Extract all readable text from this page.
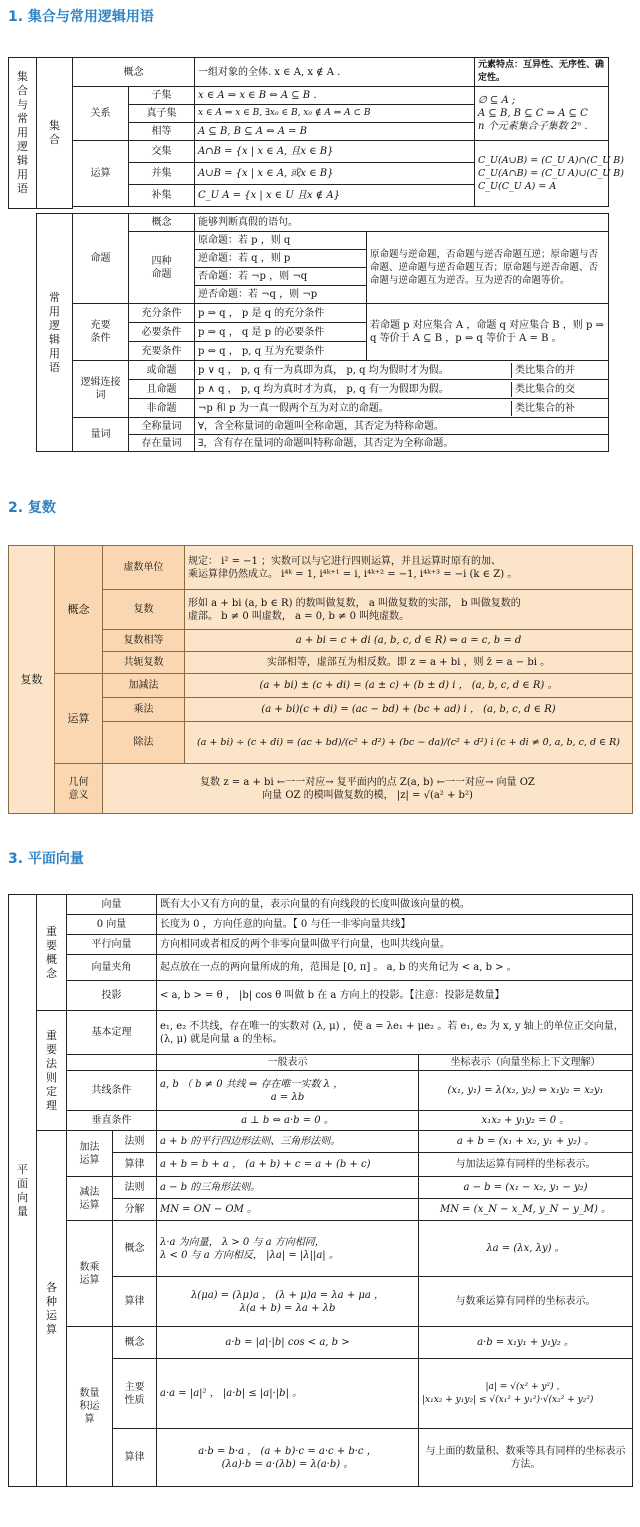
1. 集合与常用逻辑用语
集合与常用逻辑用语	集合	概念		一组对象的全体. x ∈ A, x ∉ A .	元素特点：互异性、无序性、确定性。
		关系	子集	x ∈ A ⇒ x ∈ B ⇔ A ⊆ B .	∅ ⊆ A ;
A ⊆ B, B ⊆ C ⇒ A ⊆ C
n 个元素集合子集数 2ⁿ .

			真子集	x ∈ A ⇒ x ∈ B, ∃x₀ ∈ B, x₀ ∉ A ⇔ A ⊂ B	
			相等	A ⊆ B, B ⊆ A ⇔ A = B	
		运算	交集	A∩B = {x | x ∈ A, 且x ∈ B}	C_U(A∪B) = (C_U A)∩(C_U B)
C_U(A∩B) = (C_U A)∪(C_U B)
C_U(C_U A) = A

			并集	A∪B = {x | x ∈ A, 或x ∈ B}	
			补集	C_U A = {x | x ∈ U 且x ∉ A}	

常用逻辑用语	命题	概念	能够判断真假的语句。	
		四种命题	原命题：若 p ，则 q	原命题与逆命题，否命题与逆否命题互逆；原命题与否命题、逆命题与逆否命题互否；原命题与逆否命题、否命题与逆命题互为逆否。互为逆否的命题等价。
			逆命题：若 q ，则 p	
			否命题：若 ¬p ，则 ¬q	
			逆否命题：若 ¬q ，则 ¬p	
	充要条件	充分条件	p ⇒ q ， p 是 q 的充分条件	若命题 p 对应集合 A ，命题 q 对应集合 B ，则 p ⇒ q 等价于 A ⊆ B ，p ⇔ q 等价于 A = B 。
		必要条件	p ⇒ q ， q 是 p 的必要条件	
		充要条件	p ⇔ q ， p, q 互为充要条件	
	逻辑连接词	或命题	p ∨ q ， p, q 有一为真即为真， p, q 均为假时才为假。 类比集合的并	

		且命题	p ∧ q ， p, q 均为真时才为真， p, q 有一为假即为假。 类比集合的交	

		非命题	¬p 和 p 为一真一假两个互为对立的命题。 类比集合的补	

	量词	全称量词	∀，含全称量词的命题叫全称命题，其否定为特称命题。	
		存在量词	∃，含有存在量词的命题叫特称命题，其否定为全称命题。	
2. 复数
复数	概念	虚数单位	规定： i² = −1 ；实数可以与它进行四则运算，并且运算时原有的加、
乘运算律仍然成立。 i⁴ᵏ = 1, i⁴ᵏ⁺¹ = i, i⁴ᵏ⁺² = −1, i⁴ᵏ⁺³ = −i (k ∈ Z) 。

		复数	形如 a + bi (a, b ∈ R) 的数叫做复数， a 叫做复数的实部， b 叫做复数的
虚部。 b ≠ 0 叫虚数， a = 0, b ≠ 0 叫纯虚数。

		复数相等	a + bi = c + di (a, b, c, d ∈ R) ⇔ a = c, b = d
		共轭复数	实部相等，虚部互为相反数。即 z = a + bi ，则 z̄ = a − bi 。
	运算	加减法	(a + bi) ± (c + di) = (a ± c) + (b ± d) i ， (a, b, c, d ∈ R) 。
		乘法	(a + bi)(c + di) = (ac − bd) + (bc + ad) i ， (a, b, c, d ∈ R)
		除法	(a + bi) ÷ (c + di) = (ac + bd)/(c² + d²) + (bc − da)/(c² + d²) i (c + di ≠ 0, a, b, c, d ∈ R)
	几何意义	复数 z = a + bi ←一一对应→ 复平面内的点 Z(a, b) ←一一对应→ 向量 OZ
向量 OZ 的模叫做复数的模， |z| = √(a² + b²)	
3. 平面向量
平面向量	重要概念	向量		既有大小又有方向的量，表示向量的有向线段的长度叫做该向量的模。	
		0 向量		长度为 0 ，方向任意的向量。【 0 与任一非零向量共线】	
		平行向量		方向相同或者相反的两个非零向量叫做平行向量，也叫共线向量。	
		向量夹角		起点放在一点的两向量所成的角，范围是 [0, π] 。 a, b 的夹角记为 < a, b > 。	
		投影		< a, b > = θ ， |b| cos θ 叫做 b 在 a 方向上的投影。【注意：投影是数量】	
	重要法则定理	基本定理		e₁, e₂ 不共线，存在唯一的实数对 (λ, μ) ，使 a = λe₁ + μe₂ 。若 e₁, e₂ 为 x, y 轴上的单位正交向量， (λ, μ) 就是向量 a 的坐标。	
				一般表示	坐标表示（向量坐标上下文理解）
		共线条件		a, b （ b ≠ 0 共线 ⇔ 存在唯一实数 λ ，
a = λb	(x₁, y₁) = λ(x₂, y₂) ⇔ x₁y₂ = x₂y₁
		垂直条件		a ⊥ b ⇔ a·b = 0 。	x₁x₂ + y₁y₂ = 0 。
	各种运算	加法运算	法则	a + b 的平行四边形法则、三角形法则。	a + b = (x₁ + x₂, y₁ + y₂) 。
			算律	a + b = b + a ， (a + b) + c = a + (b + c)	与加法运算有同样的坐标表示。
		减法运算	法则	a − b 的三角形法则。	a − b = (x₁ − x₂, y₁ − y₂)
			分解	MN = ON − OM 。	MN = (x_N − x_M, y_N − y_M) 。
		数乘运算	概念	λ·a 为向量， λ > 0 与 a 方向相同，
λ < 0 与 a 方向相反， |λa| = |λ||a| 。	λa = (λx, λy) 。
			算律	λ(μa) = (λμ)a ， (λ + μ)a = λa + μa ，
λ(a + b) = λa + λb	与数乘运算有同样的坐标表示。
		数量积运算	概念	a·b = |a|·|b| cos < a, b >	a·b = x₁y₁ + y₁y₂ 。
			主要性质	a·a = |a|² ， |a·b| ≤ |a|·|b| 。	|a| = √(x² + y²) ，
|x₁x₂ + y₁y₂| ≤ √(x₁² + y₁²)·√(x₂² + y₂²)

			算律	a·b = b·a ， (a + b)·c = a·c + b·c ，
(λa)·b = a·(λb) = λ(a·b) 。	与上面的数量积、数乘等具有同样的坐标表示方法。
